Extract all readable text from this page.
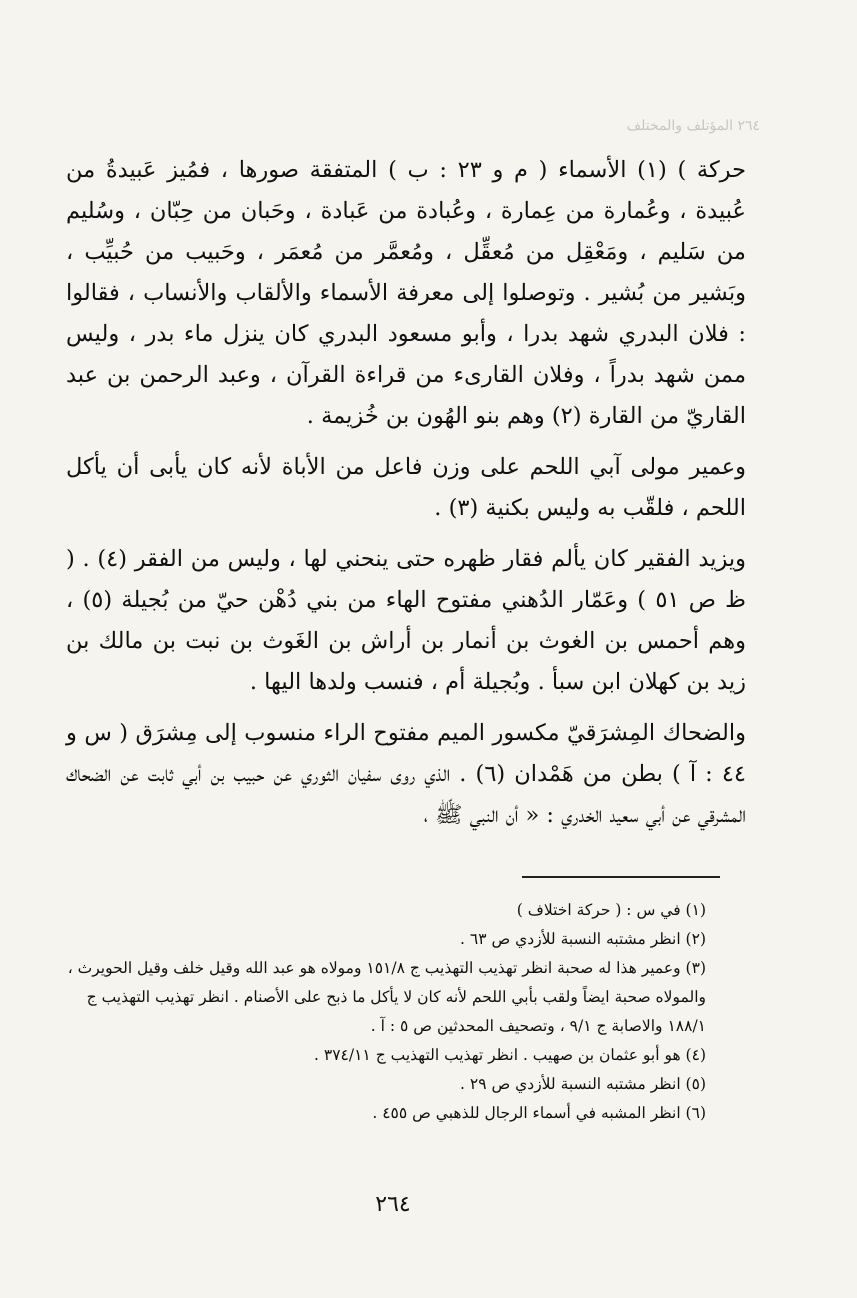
٢٦٤ المؤتلف والمختلف

حركة ) (١) الأسماء ( م و ٢٣ : ب ) المتفقة صورها ، فمُيز عَبيدةُ من عُبيدة ، وعُمارة من عِمارة ، وعُبادة من عَبادة ، وحَبان من حِبّان ، وسُليم من سَليم ، ومَعْقِل من مُعقِّل ، ومُعمَّر من مُعمَر ، وحَبيب من حُبيِّب ، وبَشير من بُشير . وتوصلوا إلى معرفة الأسماء والألقاب والأنساب ، فقالوا : فلان البدري شهد بدرا ، وأبو مسعود البدري كان ينزل ماء بدر ، وليس ممن شهد بدراً ، وفلان القارىء من قراءة القرآن ، وعبد الرحمن بن عبد القاريّ من القارة (٢) وهم بنو الهُون بن خُزيمة .

وعمير مولى آبي اللحم على وزن فاعل من الأباة لأنه كان يأبى أن يأكل اللحم ، فلقّب به وليس بكنية (٣) .

ويزيد الفقير كان يألم فقار ظهره حتى ينحني لها ، وليس من الفقر (٤) . ( ظ ص ٥١ ) وعَمّار الدُهني مفتوح الهاء من بني دُهْن حيّ من بُجيلة (٥) ، وهم أحمس بن الغوث بن أنمار بن أراش بن الغَوث بن نبت بن مالك بن زيد بن كهلان ابن سبأ . وبُجيلة أم ، فنسب ولدها اليها .

والضحاك المِشرَقيّ مكسور الميم مفتوح الراء منسوب إلى مِشرَق ( س و ٤٤ : آ ) بطن من هَمْدان (٦) . الذي روى سفيان الثوري عن حبيب بن أبي ثابت عن الضحاك المشرقي عن أبي سعيد الخدري : « أن النبي ﷺ ،

(١) في س : ( حركة اختلاف )

(٢) انظر مشتبه النسبة للأزدي ص ٦٣ .

(٣) وعمير هذا له صحبة انظر تهذيب التهذيب ج ١٥١/٨ ومولاه هو عبد الله وقيل خلف وقيل الحويرث ، والمولاه صحبة ايضاً ولقب بأبي اللحم لأنه كان لا يأكل ما ذبح على الأصنام . انظر تهذيب التهذيب ج ١٨٨/١ والاصابة ج ٩/١ ، وتصحيف المحدثين ص ٥ : آ .

(٤) هو أبو عثمان بن صهيب . انظر تهذيب التهذيب ج ٣٧٤/١١ .

(٥) انظر مشتبه النسبة للأزدي ص ٢٩ .

(٦) انظر المشبه في أسماء الرجال للذهبي ص ٤٥٥ .

٢٦٤
